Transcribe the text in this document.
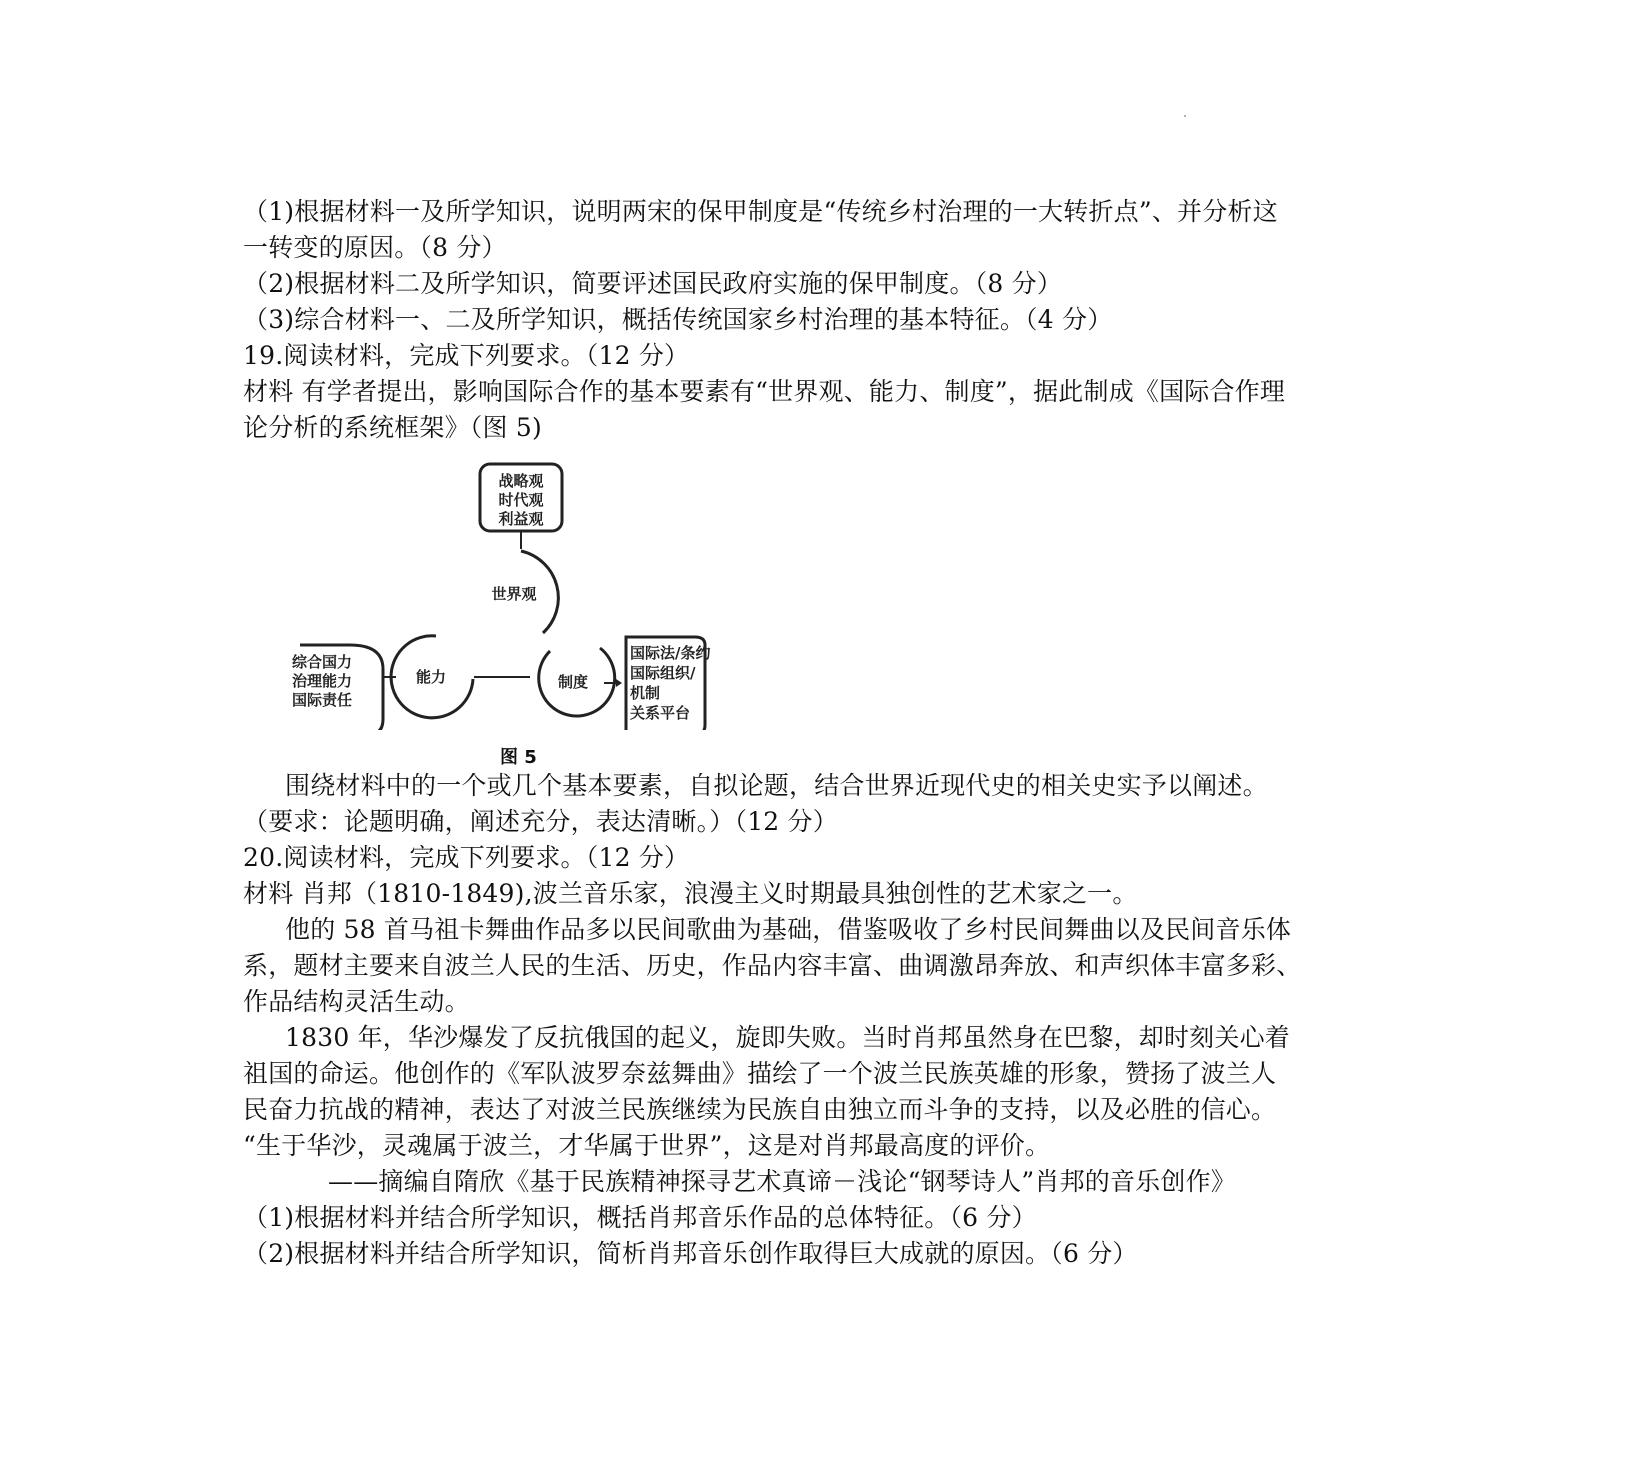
（1)根据材料一及所学知识，说明两宋的保甲制度是“传统乡村治理的一大转折点”、并分析这
一转变的原因。（8 分）
（2)根据材料二及所学知识，简要评述国民政府实施的保甲制度。（8 分）
（3)综合材料一、二及所学知识，概括传统国家乡村治理的基本特征。（4 分）
19.阅读材料，完成下列要求。（12 分）
材料 有学者提出，影响国际合作的基本要素有“世界观、能力、制度”，据此制成《国际合作理
论分析的系统框架》（图 5)
战略观
时代观
利益观
世界观
综合国力
治理能力
国际责任
能力	制度
国际法/条约
国际组织/
机制
关系平台
图 5
围绕材料中的一个或几个基本要素，自拟论题，结合世界近现代史的相关史实予以阐述。
（要求：论题明确，阐述充分，表达清晰。）（12 分）
20.阅读材料，完成下列要求。（12 分）
材料 肖邦（1810-1849),波兰音乐家，浪漫主义时期最具独创性的艺术家之一。
他的 58 首马祖卡舞曲作品多以民间歌曲为基础，借鉴吸收了乡村民间舞曲以及民间音乐体
系，题材主要来自波兰人民的生活、历史，作品内容丰富、曲调激昂奔放、和声织体丰富多彩、
作品结构灵活生动。
1830 年，华沙爆发了反抗俄国的起义，旋即失败。当时肖邦虽然身在巴黎，却时刻关心着
祖国的命运。他创作的《军队波罗奈兹舞曲》描绘了一个波兰民族英雄的形象，赞扬了波兰人
民奋力抗战的精神，表达了对波兰民族继续为民族自由独立而斗争的支持，以及必胜的信心。
“生于华沙，灵魂属于波兰，才华属于世界”，这是对肖邦最高度的评价。
——摘编自隋欣《基于民族精神探寻艺术真谛－浅论“钢琴诗人”肖邦的音乐创作》
（1)根据材料并结合所学知识，概括肖邦音乐作品的总体特征。（6 分）
（2)根据材料并结合所学知识，简析肖邦音乐创作取得巨大成就的原因。（6 分）
